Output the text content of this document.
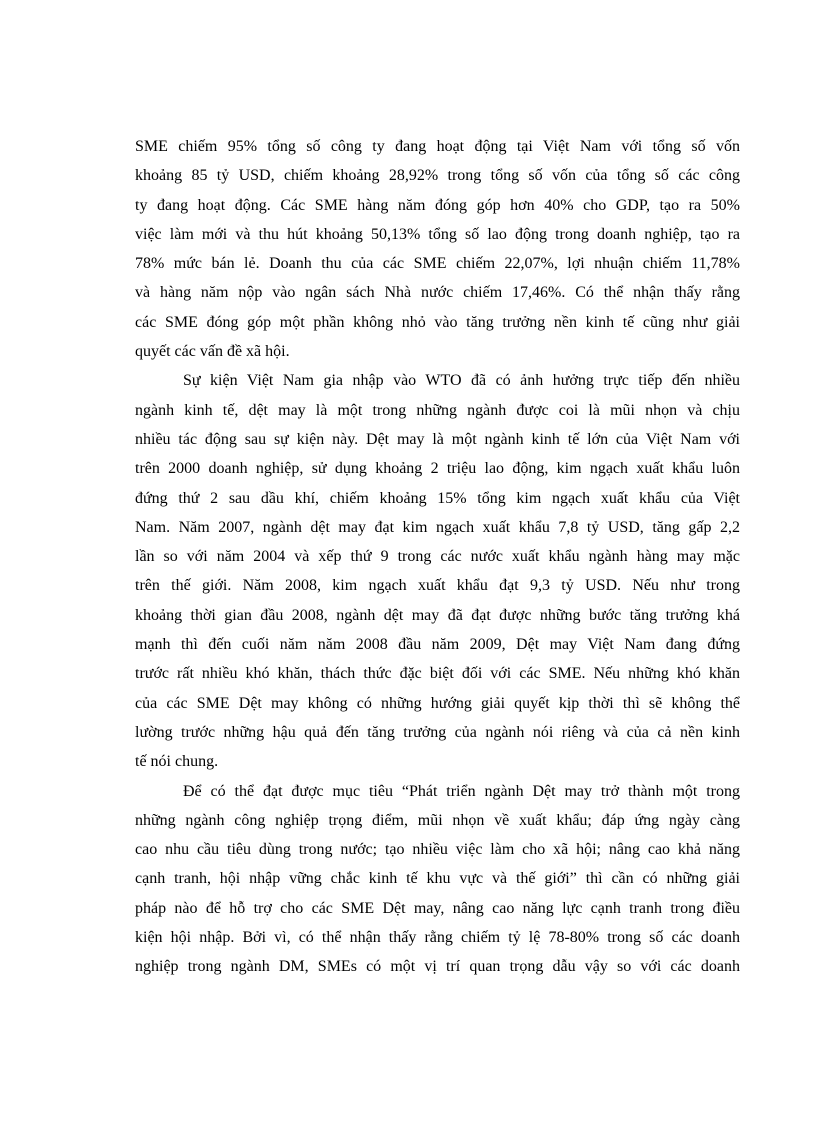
SME chiếm 95% tổng số công ty đang hoạt động tại Việt Nam với tổng số vốn
khoảng 85 tỷ USD, chiếm khoảng 28,92% trong tổng số vốn của tổng số các công
ty đang hoạt động. Các SME hàng năm đóng góp hơn 40% cho GDP, tạo ra 50%
việc làm mới và thu hút khoảng 50,13% tổng số lao động trong doanh nghiệp, tạo ra
78% mức bán lẻ. Doanh thu của các SME chiếm 22,07%, lợi nhuận chiếm 11,78%
và hàng năm nộp vào ngân sách Nhà nước chiếm 17,46%. Có thể nhận thấy rằng
các SME đóng góp một phần không nhỏ vào tăng trưởng nền kinh tế cũng như giải
quyết các vấn đề xã hội.
Sự kiện Việt Nam gia nhập vào WTO đã có ảnh hưởng trực tiếp đến nhiều
ngành kinh tế, dệt may là một trong những ngành được coi là mũi nhọn và chịu
nhiều tác động sau sự kiện này. Dệt may là một ngành kinh tế lớn của Việt Nam với
trên 2000 doanh nghiệp, sử dụng khoảng 2 triệu lao động, kim ngạch xuất khẩu luôn
đứng thứ 2 sau dầu khí, chiếm khoảng 15% tổng kim ngạch xuất khẩu của Việt
Nam. Năm 2007, ngành dệt may đạt kim ngạch xuất khẩu 7,8 tỷ USD, tăng gấp 2,2
lần so với năm 2004 và xếp thứ 9 trong các nước xuất khẩu ngành hàng may mặc
trên thế giới. Năm 2008, kim ngạch xuất khẩu đạt 9,3 tỷ USD. Nếu như trong
khoảng thời gian đầu 2008, ngành dệt may đã đạt được những bước tăng trưởng khá
mạnh thì đến cuối năm năm 2008 đầu năm 2009, Dệt may Việt Nam đang đứng
trước rất nhiều khó khăn, thách thức đặc biệt đối với các SME. Nếu những khó khăn
của các SME Dệt may không có những hướng giải quyết kịp thời thì sẽ không thể
lường trước những hậu quả đến tăng trưởng của ngành nói riêng và của cả nền kinh
tế nói chung.
Để có thể đạt được mục tiêu “Phát triển ngành Dệt may trở thành một trong
những ngành công nghiệp trọng điểm, mũi nhọn về xuất khẩu; đáp ứng ngày càng
cao nhu cầu tiêu dùng trong nước; tạo nhiều việc làm cho xã hội; nâng cao khả năng
cạnh tranh, hội nhập vững chắc kinh tế khu vực và thế giới” thì cần có những giải
pháp nào để hỗ trợ cho các SME Dệt may, nâng cao năng lực cạnh tranh trong điều
kiện hội nhập. Bởi vì, có thể nhận thấy rằng chiếm tỷ lệ 78-80% trong số các doanh
nghiệp trong ngành DM, SMEs có một vị trí quan trọng dẫu vậy so với các doanh
